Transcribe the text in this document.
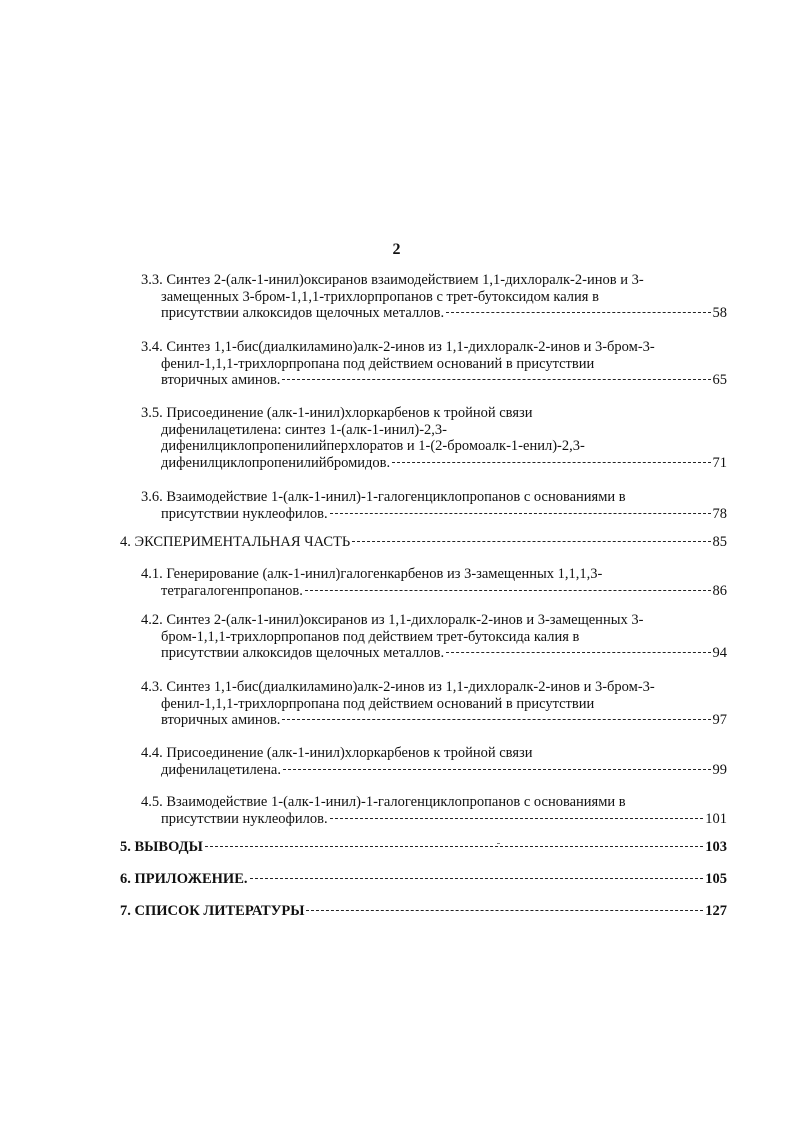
2
3.3. Синтез 2-(алк-1-инил)оксиранов взаимодействием 1,1-дихлоралк-2-инов и 3-
замещенных 3-бром-1,1,1-трихлорпропанов с трет-бутоксидом калия в
присутствии алкоксидов щелочных металлов.	58
3.4. Синтез 1,1-бис(диалкиламино)алк-2-инов из 1,1-дихлоралк-2-инов и 3-бром-3-
фенил-1,1,1-трихлорпропана под действием оснований в присутствии
вторичных аминов.	65
3.5. Присоединение (алк-1-инил)хлоркарбенов к тройной связи
дифенилацетилена: синтез 1-(алк-1-инил)-2,3-
дифенилциклопропенилийперхлоратов и 1-(2-бромоалк-1-енил)-2,3-
дифенилциклопропенилийбромидов.	71
3.6. Взаимодействие 1-(алк-1-инил)-1-галогенциклопропанов с основаниями в
присутствии нуклеофилов.	78
4. ЭКСПЕРИМЕНТАЛЬНАЯ ЧАСТЬ	85
4.1. Генерирование (алк-1-инил)галогенкарбенов из 3-замещенных 1,1,1,3-
тетрагалогенпропанов.	86
4.2. Синтез 2-(алк-1-инил)оксиранов из 1,1-дихлоралк-2-инов и 3-замещенных 3-
бром-1,1,1-трихлорпропанов под действием трет-бутоксида калия в
присутствии алкоксидов щелочных металлов.	94
4.3. Синтез 1,1-бис(диалкиламино)алк-2-инов из 1,1-дихлоралк-2-инов и 3-бром-3-
фенил-1,1,1-трихлорпропана под действием оснований в присутствии
вторичных аминов.	97
4.4. Присоединение (алк-1-инил)хлоркарбенов к тройной связи
дифенилацетилена.	99
4.5. Взаимодействие 1-(алк-1-инил)-1-галогенциклопропанов с основаниями в
присутствии нуклеофилов.	101
5. ВЫВОДЫ	103
6. ПРИЛОЖЕНИЕ.	105
7. СПИСОК ЛИТЕРАТУРЫ	127
